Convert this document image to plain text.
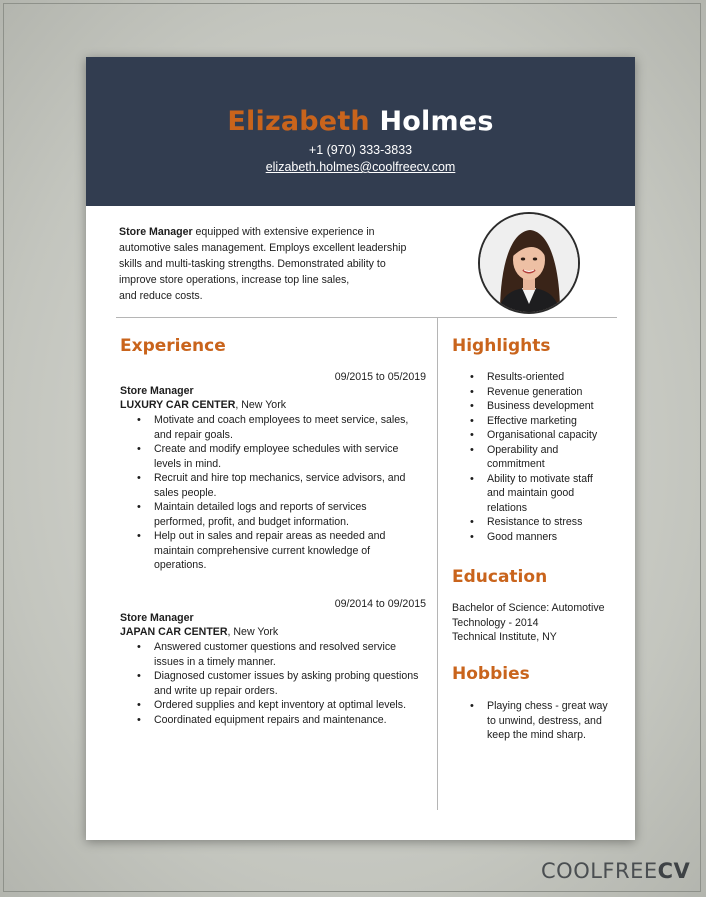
Elizabeth Holmes
+1 (970) 333-3833
elizabeth.holmes@coolfreecv.com
Store Manager equipped with extensive experience in
automotive sales management. Employs excellent leadership
skills and multi-tasking strengths. Demonstrated ability to
improve store operations, increase top line sales,
and reduce costs.
Experience
09/2015 to 05/2019
Store Manager
LUXURY CAR CENTER, New York
• Motivate and coach employees to meet service, sales,
and repair goals.
• Create and modify employee schedules with service
levels in mind.
• Recruit and hire top mechanics, service advisors, and
sales people.
• Maintain detailed logs and reports of services
performed, profit, and budget information.
• Help out in sales and repair areas as needed and
maintain comprehensive current knowledge of
operations.
09/2014 to 09/2015
Store Manager
JAPAN CAR CENTER, New York
• Answered customer questions and resolved service
issues in a timely manner.
• Diagnosed customer issues by asking probing questions
and write up repair orders.
• Ordered supplies and kept inventory at optimal levels.
• Coordinated equipment repairs and maintenance.
Highlights
• Results-oriented
• Revenue generation
• Business development
• Effective marketing
• Organisational capacity
• Operability and
commitment
• Ability to motivate staff
and maintain good
relations
• Resistance to stress
• Good manners
Education
Bachelor of Science: Automotive
Technology - 2014
Technical Institute, NY
Hobbies
• Playing chess - great way
to unwind, destress, and
keep the mind sharp.
COOLFREECV
